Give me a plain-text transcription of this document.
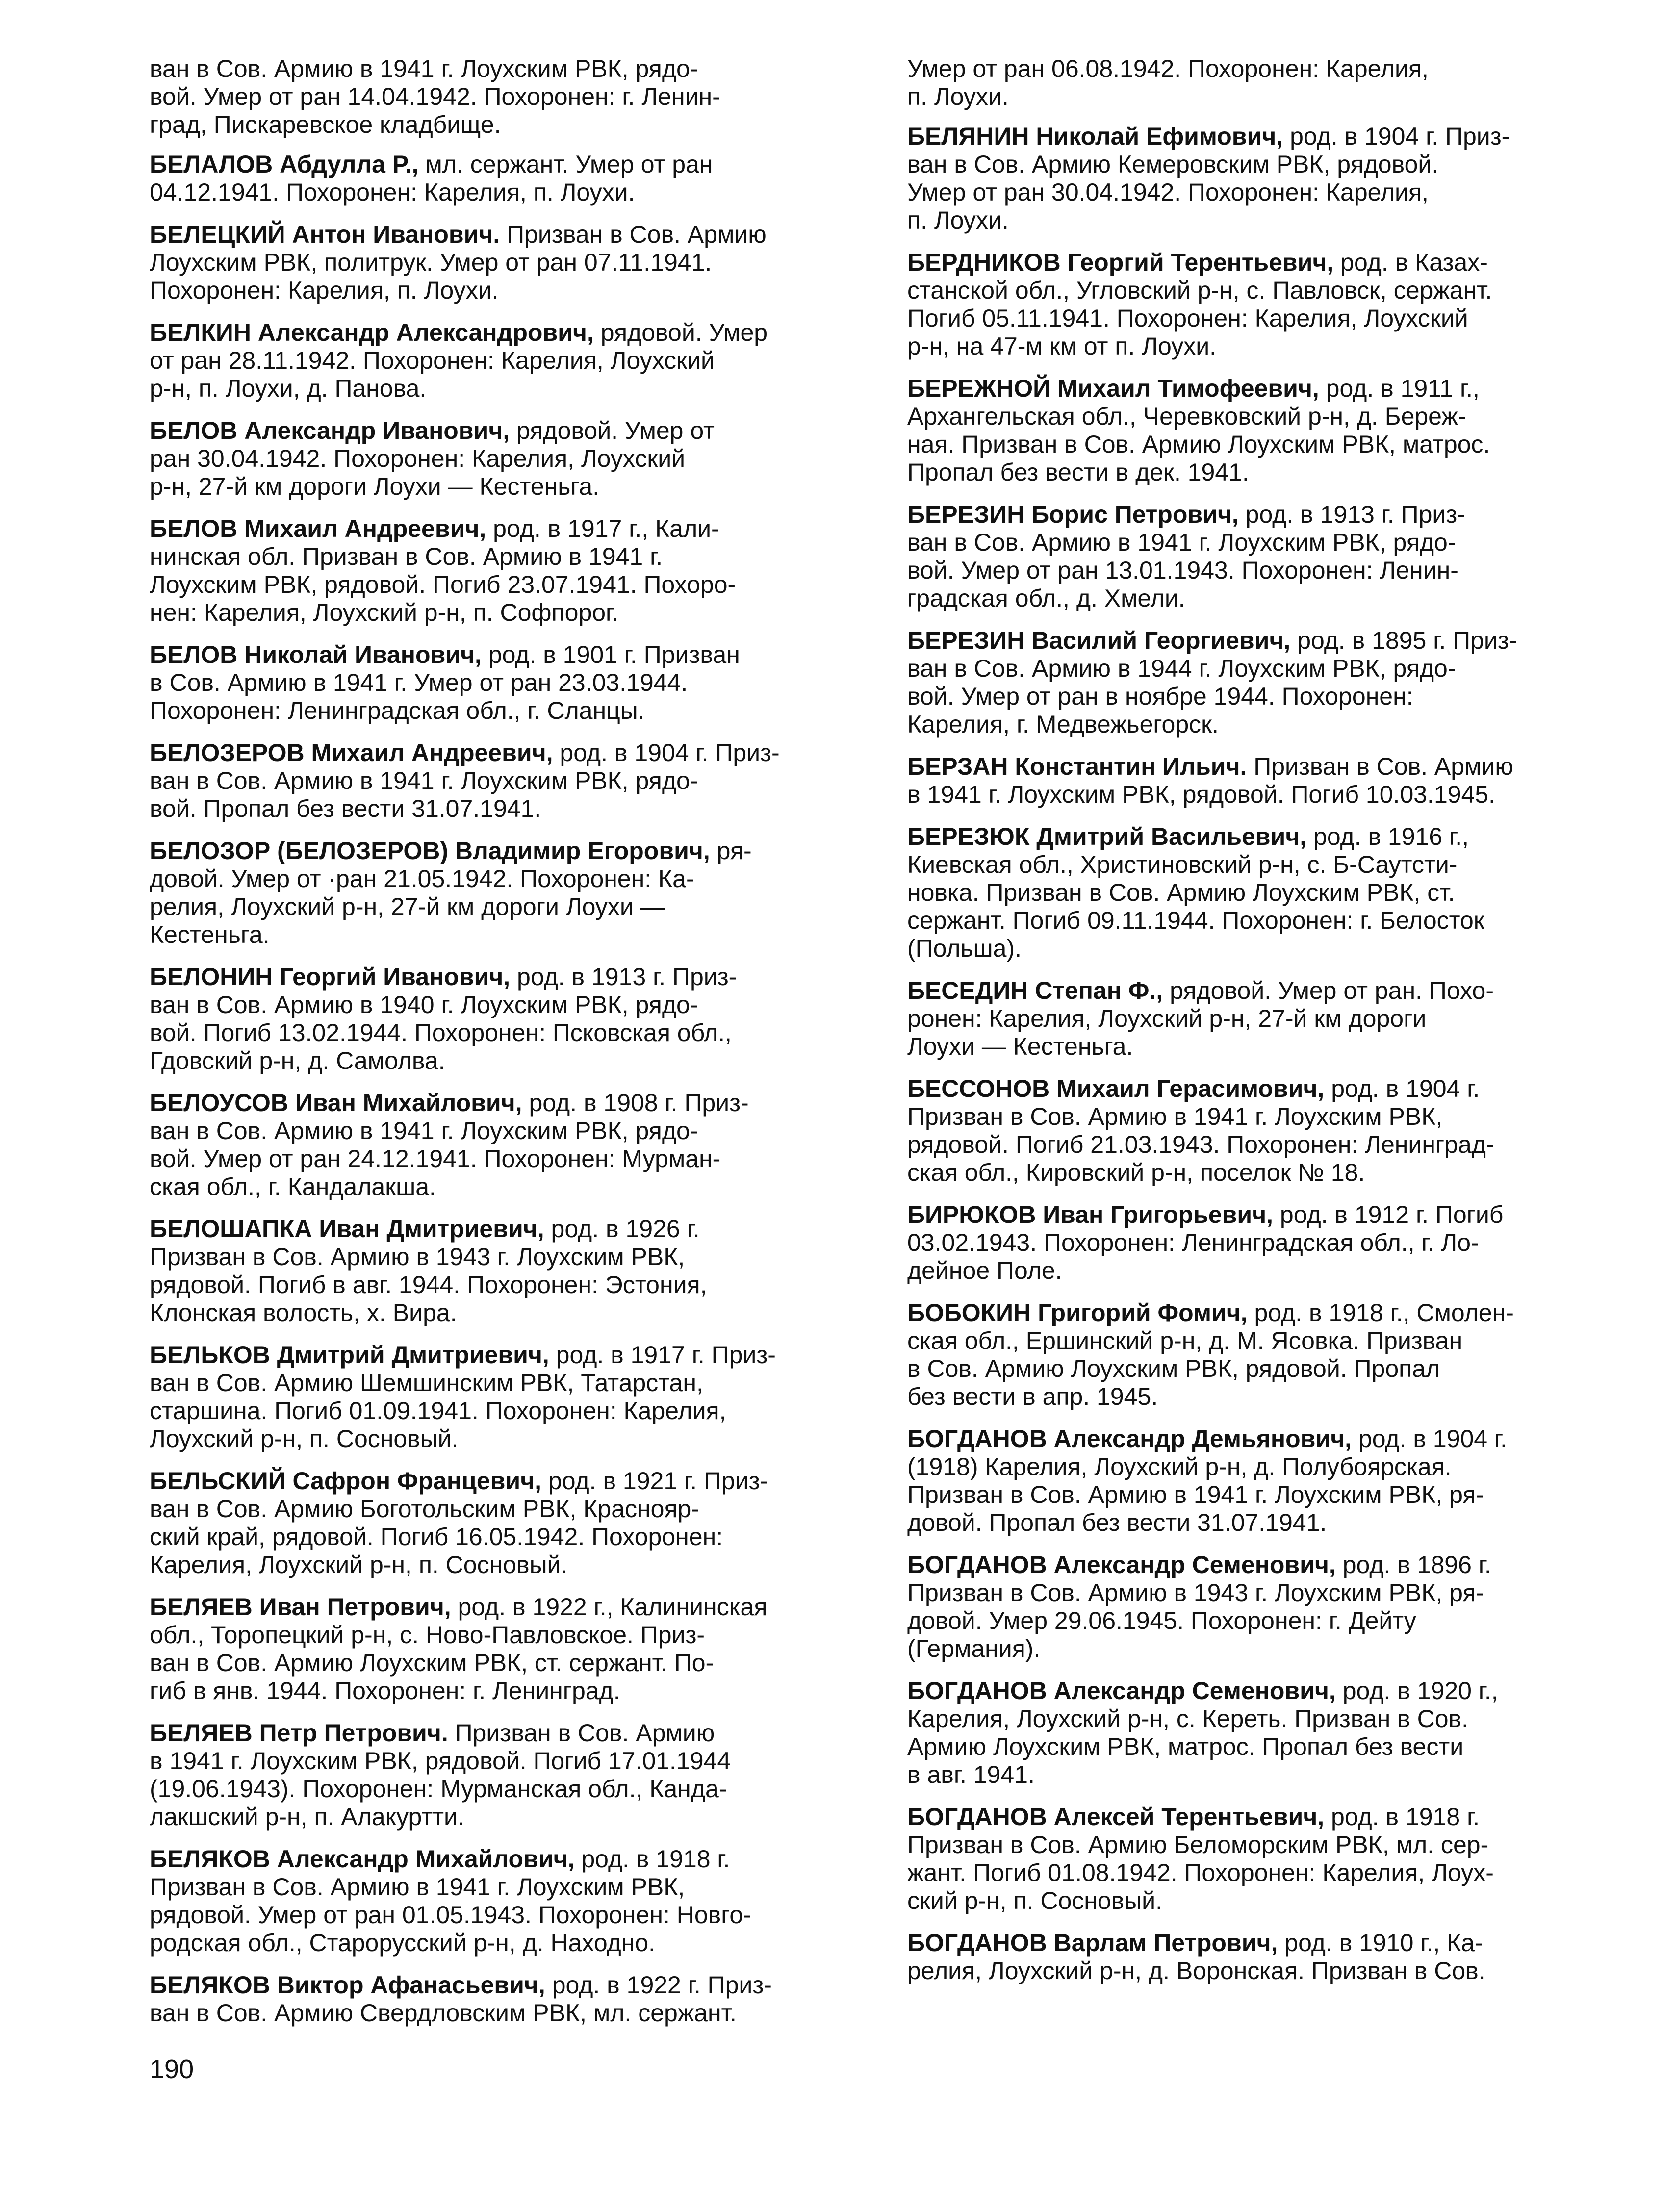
ван в Сов. Армию в 1941 г. Лоухским РВК, рядо-
вой. Умер от ран 14.04.1942. Похоронен: г. Ленин-
град, Пискаревское кладбище.

БЕЛАЛОВ Абдулла Р., мл. сержант. Умер от ран
04.12.1941. Похоронен: Карелия, п. Лоухи.

БЕЛЕЦКИЙ Антон Иванович. Призван в Сов. Армию
Лоухским РВК, политрук. Умер от ран 07.11.1941.
Похоронен: Карелия, п. Лоухи.

БЕЛКИН Александр Александрович, рядовой. Умер
от ран 28.11.1942. Похоронен: Карелия, Лоухский
р-н, п. Лоухи, д. Панова.

БЕЛОВ Александр Иванович, рядовой. Умер от
ран 30.04.1942. Похоронен: Карелия, Лоухский
р-н, 27-й км дороги Лоухи — Кестеньга.

БЕЛОВ Михаил Андреевич, род. в 1917 г., Кали-
нинская обл. Призван в Сов. Армию в 1941 г.
Лоухским РВК, рядовой. Погиб 23.07.1941. Похоро-
нен: Карелия, Лоухский р-н, п. Софпорог.

БЕЛОВ Николай Иванович, род. в 1901 г. Призван
в Сов. Армию в 1941 г. Умер от ран 23.03.1944.
Похоронен: Ленинградская обл., г. Сланцы.

БЕЛОЗЕРОВ Михаил Андреевич, род. в 1904 г. Приз-
ван в Сов. Армию в 1941 г. Лоухским РВК, рядо-
вой. Пропал без вести 31.07.1941.

БЕЛОЗОР (БЕЛОЗЕРОВ) Владимир Егорович, ря-
довой. Умер от ·ран 21.05.1942. Похоронен: Ка-
релия, Лоухский р-н, 27-й км дороги Лоухи —
Кестеньга.

БЕЛОНИН Георгий Иванович, род. в 1913 г. Приз-
ван в Сов. Армию в 1940 г. Лоухским РВК, рядо-
вой. Погиб 13.02.1944. Похоронен: Псковская обл.,
Гдовский р-н, д. Самолва.

БЕЛОУСОВ Иван Михайлович, род. в 1908 г. Приз-
ван в Сов. Армию в 1941 г. Лоухским РВК, рядо-
вой. Умер от ран 24.12.1941. Похоронен: Мурман-
ская обл., г. Кандалакша.

БЕЛОШАПКА Иван Дмитриевич, род. в 1926 г.
Призван в Сов. Армию в 1943 г. Лоухским РВК,
рядовой. Погиб в авг. 1944. Похоронен: Эстония,
Клонская волость, х. Вира.

БЕЛЬКОВ Дмитрий Дмитриевич, род. в 1917 г. Приз-
ван в Сов. Армию Шемшинским РВК, Татарстан,
старшина. Погиб 01.09.1941. Похоронен: Карелия,
Лоухский р-н, п. Сосновый.

БЕЛЬСКИЙ Сафрон Францевич, род. в 1921 г. Приз-
ван в Сов. Армию Боготольским РВК, Краснояр-
ский край, рядовой. Погиб 16.05.1942. Похоронен:
Карелия, Лоухский р-н, п. Сосновый.

БЕЛЯЕВ Иван Петрович, род. в 1922 г., Калининская
обл., Торопецкий р-н, с. Ново-Павловское. Приз-
ван в Сов. Армию Лоухским РВК, ст. сержант. По-
гиб в янв. 1944. Похоронен: г. Ленинград.

БЕЛЯЕВ Петр Петрович. Призван в Сов. Армию
в 1941 г. Лоухским РВК, рядовой. Погиб 17.01.1944
(19.06.1943). Похоронен: Мурманская обл., Канда-
лакшский р-н, п. Алакуртти.

БЕЛЯКОВ Александр Михайлович, род. в 1918 г.
Призван в Сов. Армию в 1941 г. Лоухским РВК,
рядовой. Умер от ран 01.05.1943. Похоронен: Новго-
родская обл., Старорусский р-н, д. Находно.

БЕЛЯКОВ Виктор Афанасьевич, род. в 1922 г. Приз-
ван в Сов. Армию Свердловским РВК, мл. сержант.

Умер от ран 06.08.1942. Похоронен: Карелия,
п. Лоухи.

БЕЛЯНИН Николай Ефимович, род. в 1904 г. Приз-
ван в Сов. Армию Кемеровским РВК, рядовой.
Умер от ран 30.04.1942. Похоронен: Карелия,
п. Лоухи.

БЕРДНИКОВ Георгий Терентьевич, род. в Казах-
станской обл., Угловский р-н, с. Павловск, сержант.
Погиб 05.11.1941. Похоронен: Карелия, Лоухский
р-н, на 47-м км от п. Лоухи.

БЕРЕЖНОЙ Михаил Тимофеевич, род. в 1911 г.,
Архангельская обл., Черевковский р-н, д. Береж-
ная. Призван в Сов. Армию Лоухским РВК, матрос.
Пропал без вести в дек. 1941.

БЕРЕЗИН Борис Петрович, род. в 1913 г. Приз-
ван в Сов. Армию в 1941 г. Лоухским РВК, рядо-
вой. Умер от ран 13.01.1943. Похоронен: Ленин-
градская обл., д. Хмели.

БЕРЕЗИН Василий Георгиевич, род. в 1895 г. Приз-
ван в Сов. Армию в 1944 г. Лоухским РВК, рядо-
вой. Умер от ран в ноябре 1944. Похоронен:
Карелия, г. Медвежьегорск.

БЕРЗАН Константин Ильич. Призван в Сов. Армию
в 1941 г. Лоухским РВК, рядовой. Погиб 10.03.1945.

БЕРЕЗЮК Дмитрий Васильевич, род. в 1916 г.,
Киевская обл., Христиновский р-н, с. Б-Саутсти-
новка. Призван в Сов. Армию Лоухским РВК, ст.
сержант. Погиб 09.11.1944. Похоронен: г. Белосток
(Польша).

БЕСЕДИН Степан Ф., рядовой. Умер от ран. Похо-
ронен: Карелия, Лоухский р-н, 27-й км дороги
Лоухи — Кестеньга.

БЕССОНОВ Михаил Герасимович, род. в 1904 г.
Призван в Сов. Армию в 1941 г. Лоухским РВК,
рядовой. Погиб 21.03.1943. Похоронен: Ленинград-
ская обл., Кировский р-н, поселок № 18.

БИРЮКОВ Иван Григорьевич, род. в 1912 г. Погиб
03.02.1943. Похоронен: Ленинградская обл., г. Ло-
дейное Поле.

БОБОКИН Григорий Фомич, род. в 1918 г., Смолен-
ская обл., Ершинский р-н, д. М. Ясовка. Призван
в Сов. Армию Лоухским РВК, рядовой. Пропал
без вести в апр. 1945.

БОГДАНОВ Александр Демьянович, род. в 1904 г.
(1918) Карелия, Лоухский р-н, д. Полубоярская.
Призван в Сов. Армию в 1941 г. Лоухским РВК, ря-
довой. Пропал без вести 31.07.1941.

БОГДАНОВ Александр Семенович, род. в 1896 г.
Призван в Сов. Армию в 1943 г. Лоухским РВК, ря-
довой. Умер 29.06.1945. Похоронен: г. Дейту
(Германия).

БОГДАНОВ Александр Семенович, род. в 1920 г.,
Карелия, Лоухский р-н, с. Кереть. Призван в Сов.
Армию Лоухским РВК, матрос. Пропал без вести
в авг. 1941.

БОГДАНОВ Алексей Терентьевич, род. в 1918 г.
Призван в Сов. Армию Беломорским РВК, мл. сер-
жант. Погиб 01.08.1942. Похоронен: Карелия, Лоух-
ский р-н, п. Сосновый.

БОГДАНОВ Варлам Петрович, род. в 1910 г., Ка-
релия, Лоухский р-н, д. Воронская. Призван в Сов.

190
